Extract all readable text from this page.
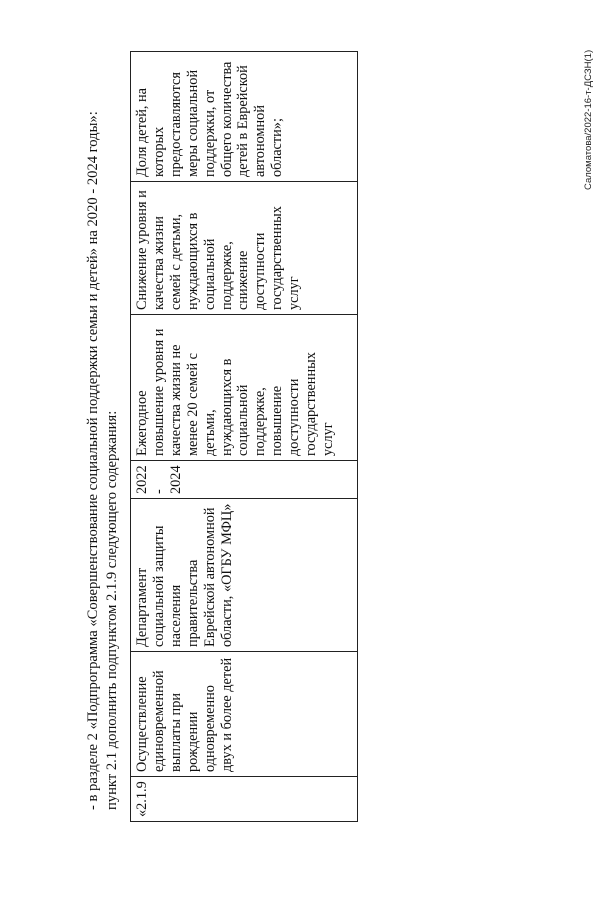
- в разделе 2 «Подпрограмма «Совершенствование социальной поддержки семьи и детей» на 2020 - 2024 годы»: пункт 2.1 дополнить подпунктом 2.1.9 следующего содержания: «2.1.9	Осуществление единовременной выплаты при рождении одновременно двух и более детей	Департамент социальной защиты населения правительства Еврейской автономной области, «ОГБУ МФЦ»	2022 - 2024	Ежегодное повышение уровня и качества жизни не менее 20 семей с детьми, нуждающихся в социальной поддержке, повышение доступности государственных услуг	Снижение уровня и качества жизни семей с детьми, нуждающихся в социальной поддержке, снижение доступности государственных услуг	Доля детей, на которых предоставляются меры социальной поддержки, от общего количества детей в Еврейской автономной области»;	Саломатова/2022-16-т-ДСЗН(1)
